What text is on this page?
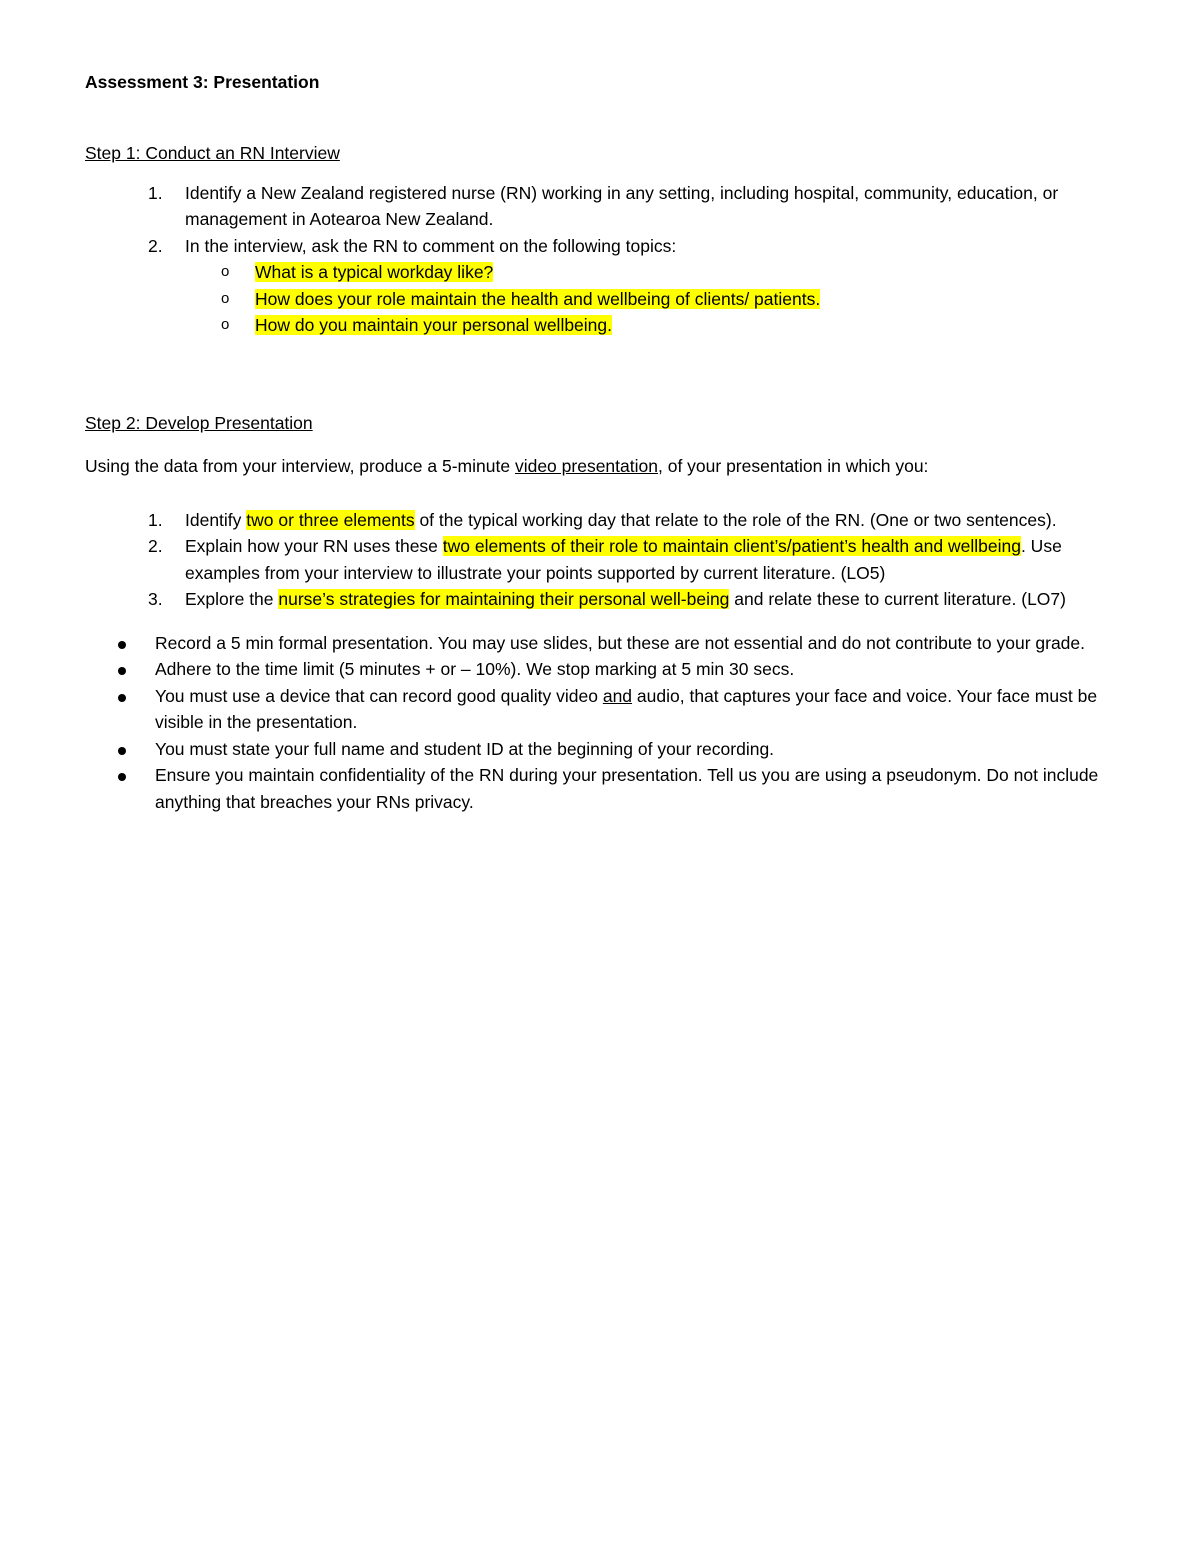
Assessment 3: Presentation

Step 1: Conduct an RN Interview

1. Identify a New Zealand registered nurse (RN) working in any setting, including hospital, community, education, or management in Aotearoa New Zealand.
2. In the interview, ask the RN to comment on the following topics:
o What is a typical workday like?
o How does your role maintain the health and wellbeing of clients/ patients.
o How do you maintain your personal wellbeing.

Step 2: Develop Presentation

Using the data from your interview, produce a 5-minute video presentation, of your presentation in which you:

1. Identify two or three elements of the typical working day that relate to the role of the RN. (One or two sentences).
2. Explain how your RN uses these two elements of their role to maintain client’s/patient’s health and wellbeing. Use examples from your interview to illustrate your points supported by current literature. (LO5)
3. Explore the nurse’s strategies for maintaining their personal well-being and relate these to current literature. (LO7)
Record a 5 min formal presentation. You may use slides, but these are not essential and do not contribute to your grade.
Adhere to the time limit (5 minutes + or – 10%). We stop marking at 5 min 30 secs.
You must use a device that can record good quality video and audio, that captures your face and voice. Your face must be visible in the presentation.
You must state your full name and student ID at the beginning of your recording.
Ensure you maintain confidentiality of the RN during your presentation. Tell us you are using a pseudonym. Do not include anything that breaches your RNs privacy.
